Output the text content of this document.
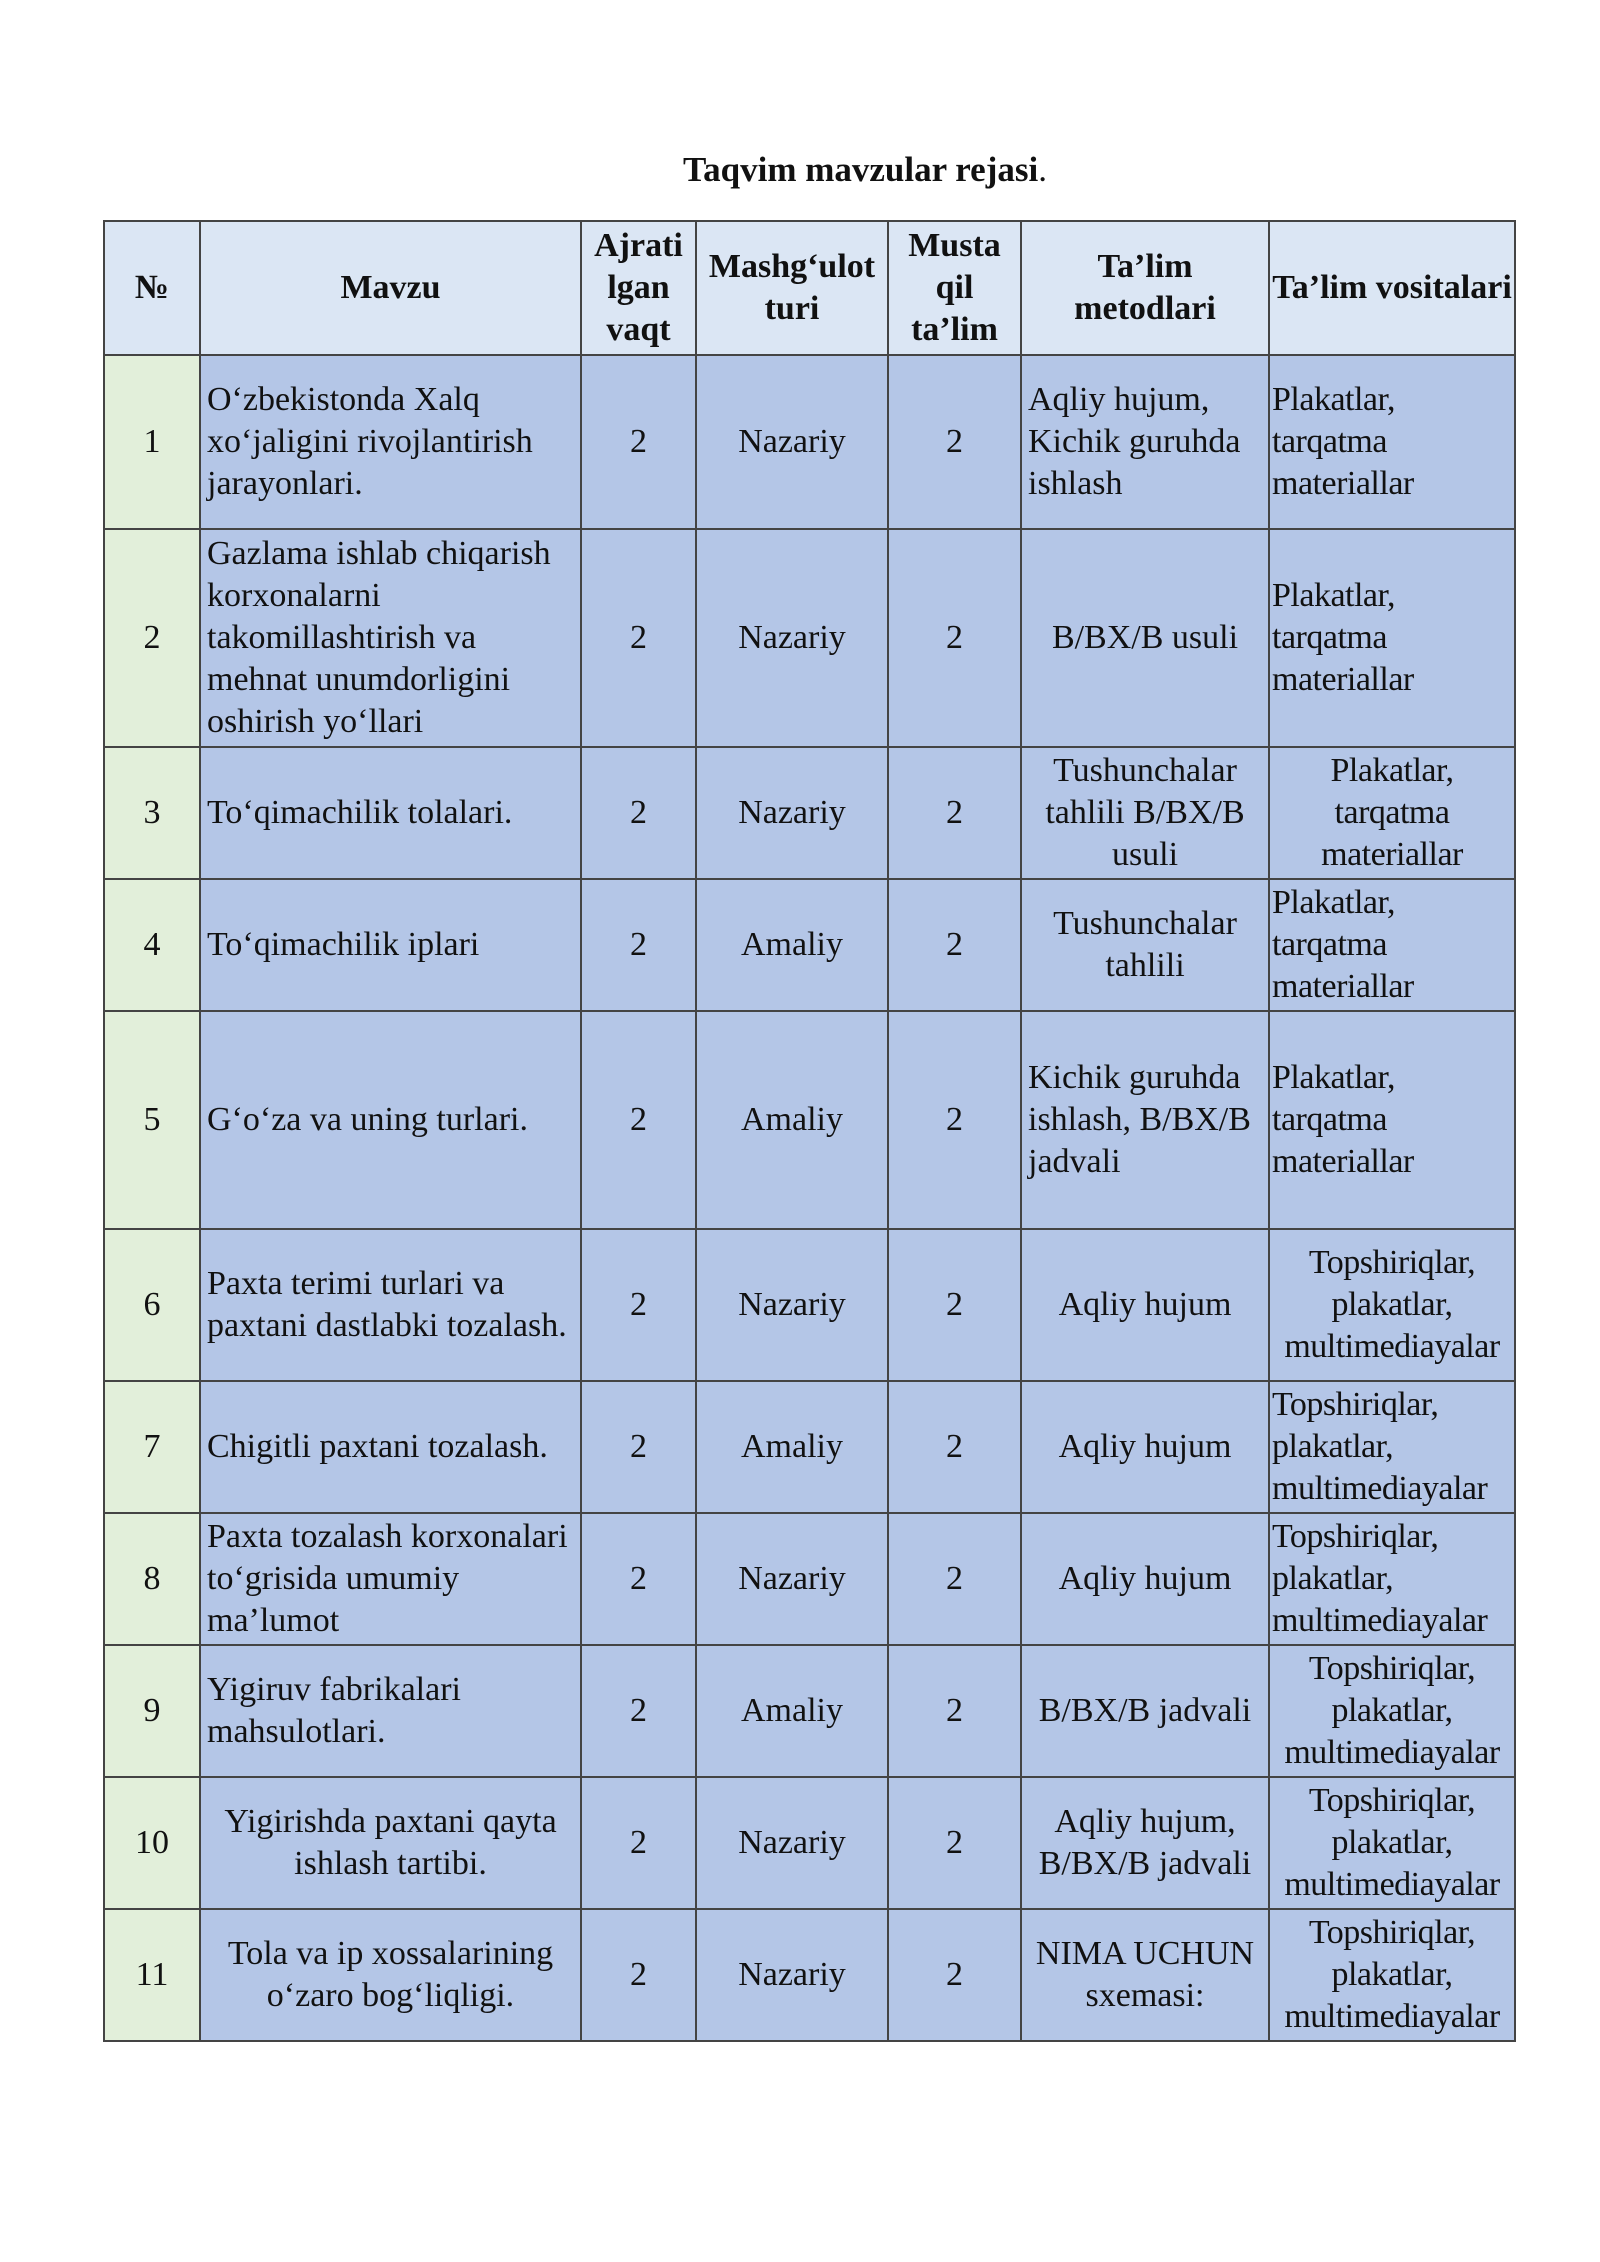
Taqvim mavzular rejasi.
№	Mavzu	Ajrati lgan vaqt	Mashg‘ulot turi	Musta qil ta’lim	Ta’lim metodlari	Ta’lim vositalari
1	O‘zbekistonda Xalq xo‘jaligini rivojlantirish jarayonlari.	2	Nazariy	2	Aqliy hujum, Kichik guruhda ishlash	Plakatlar, tarqatma materiallar
2	Gazlama ishlab chiqarish korxonalarni takomillashtirish va mehnat unumdorligini oshirish yo‘llari	2	Nazariy	2	B/BX/B usuli	Plakatlar, tarqatma materiallar
3	To‘qimachilik tolalari.	2	Nazariy	2	Tushunchalar tahlili B/BX/B usuli	Plakatlar, tarqatma materiallar
4	To‘qimachilik iplari	2	Amaliy	2	Tushunchalar tahlili	Plakatlar, tarqatma materiallar
5	G‘o‘za va uning turlari.	2	Amaliy	2	Kichik guruhda ishlash, B/BX/B jadvali	Plakatlar, tarqatma materiallar
6	Paxta terimi turlari va paxtani dastlabki tozalash.	2	Nazariy	2	Aqliy hujum	Topshiriqlar, plakatlar, multimediayalar
7	Chigitli paxtani tozalash.	2	Amaliy	2	Aqliy hujum	Topshiriqlar, plakatlar, multimediayalar
8	Paxta tozalash korxonalari to‘grisida umumiy ma’lumot	2	Nazariy	2	Aqliy hujum	Topshiriqlar, plakatlar, multimediayalar
9	Yigiruv fabrikalari mahsulotlari.	2	Amaliy	2	B/BX/B jadvali	Topshiriqlar, plakatlar, multimediayalar
10	Yigirishda paxtani qayta ishlash tartibi.	2	Nazariy	2	Aqliy hujum, B/BX/B jadvali	Topshiriqlar, plakatlar, multimediayalar
11	Tola va ip xossalarining o‘zaro bog‘liqligi.	2	Nazariy	2	NIMA UCHUN sxemasi:	Topshiriqlar, plakatlar, multimediayalar
